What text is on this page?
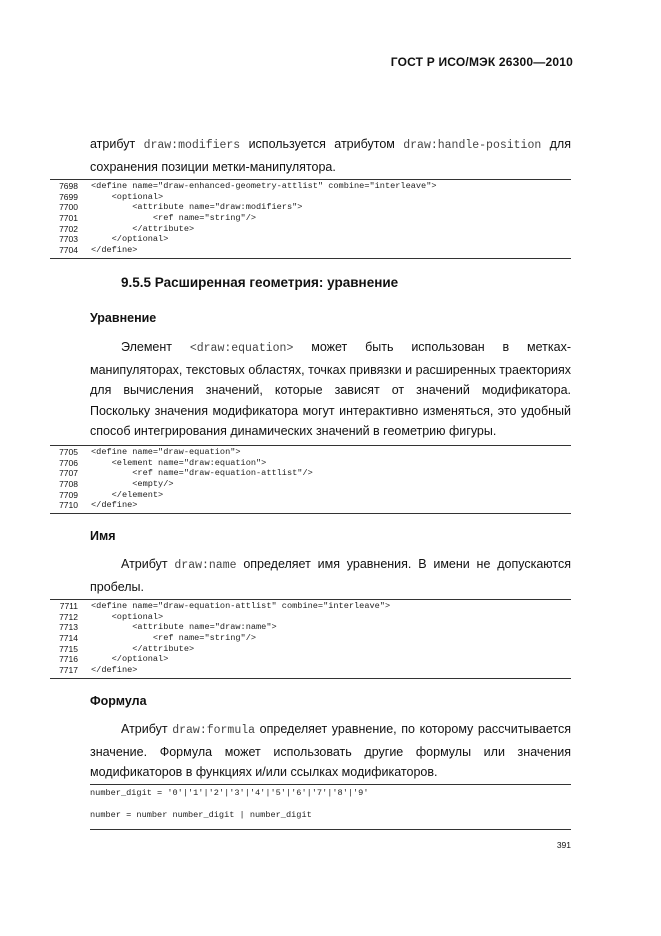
ГОСТ Р ИСО/МЭК 26300—2010

атрибут draw:modifiers используется атрибутом draw:handle-position для сохранения позиции метки-манипулятора.

7698 <define name="draw-enhanced-geometry-attlist" combine="interleave">
7699 <optional>
7700 <attribute name="draw:modifiers">
7701 <ref name="string"/>
7702 </attribute>
7703 </optional>
7704 </define>
9.5.5 Расширенная геометрия: уравнение
Уравнение

Элемент <draw:equation> может быть использован в метках-манипуляторах, текстовых областях, точках привязки и расширенных траекториях для вычисления значений, которые зависят от значений модификатора. Поскольку значения модификатора могут интерактивно изменяться, это удобный способ интегрирования динамических значений в геометрию фигуры.

7705 <define name="draw-equation">
7706 <element name="draw:equation">
7707 <ref name="draw-equation-attlist"/>
7708 <empty/>
7709 </element>
7710 </define>
Имя

Атрибут draw:name определяет имя уравнения. В имени не допускаются пробелы.

7711 <define name="draw-equation-attlist" combine="interleave">
7712 <optional>
7713 <attribute name="draw:name">
7714 <ref name="string"/>
7715 </attribute>
7716 </optional>
7717 </define>
Формула

Атрибут draw:formula определяет уравнение, по которому рассчитывается значение. Формула может использовать другие формулы или значения модификаторов в функциях и/или ссылках модификаторов.

number_digit = '0'|'1'|'2'|'3'|'4'|'5'|'6'|'7'|'8'|'9'
number = number number_digit | number_digit
391
